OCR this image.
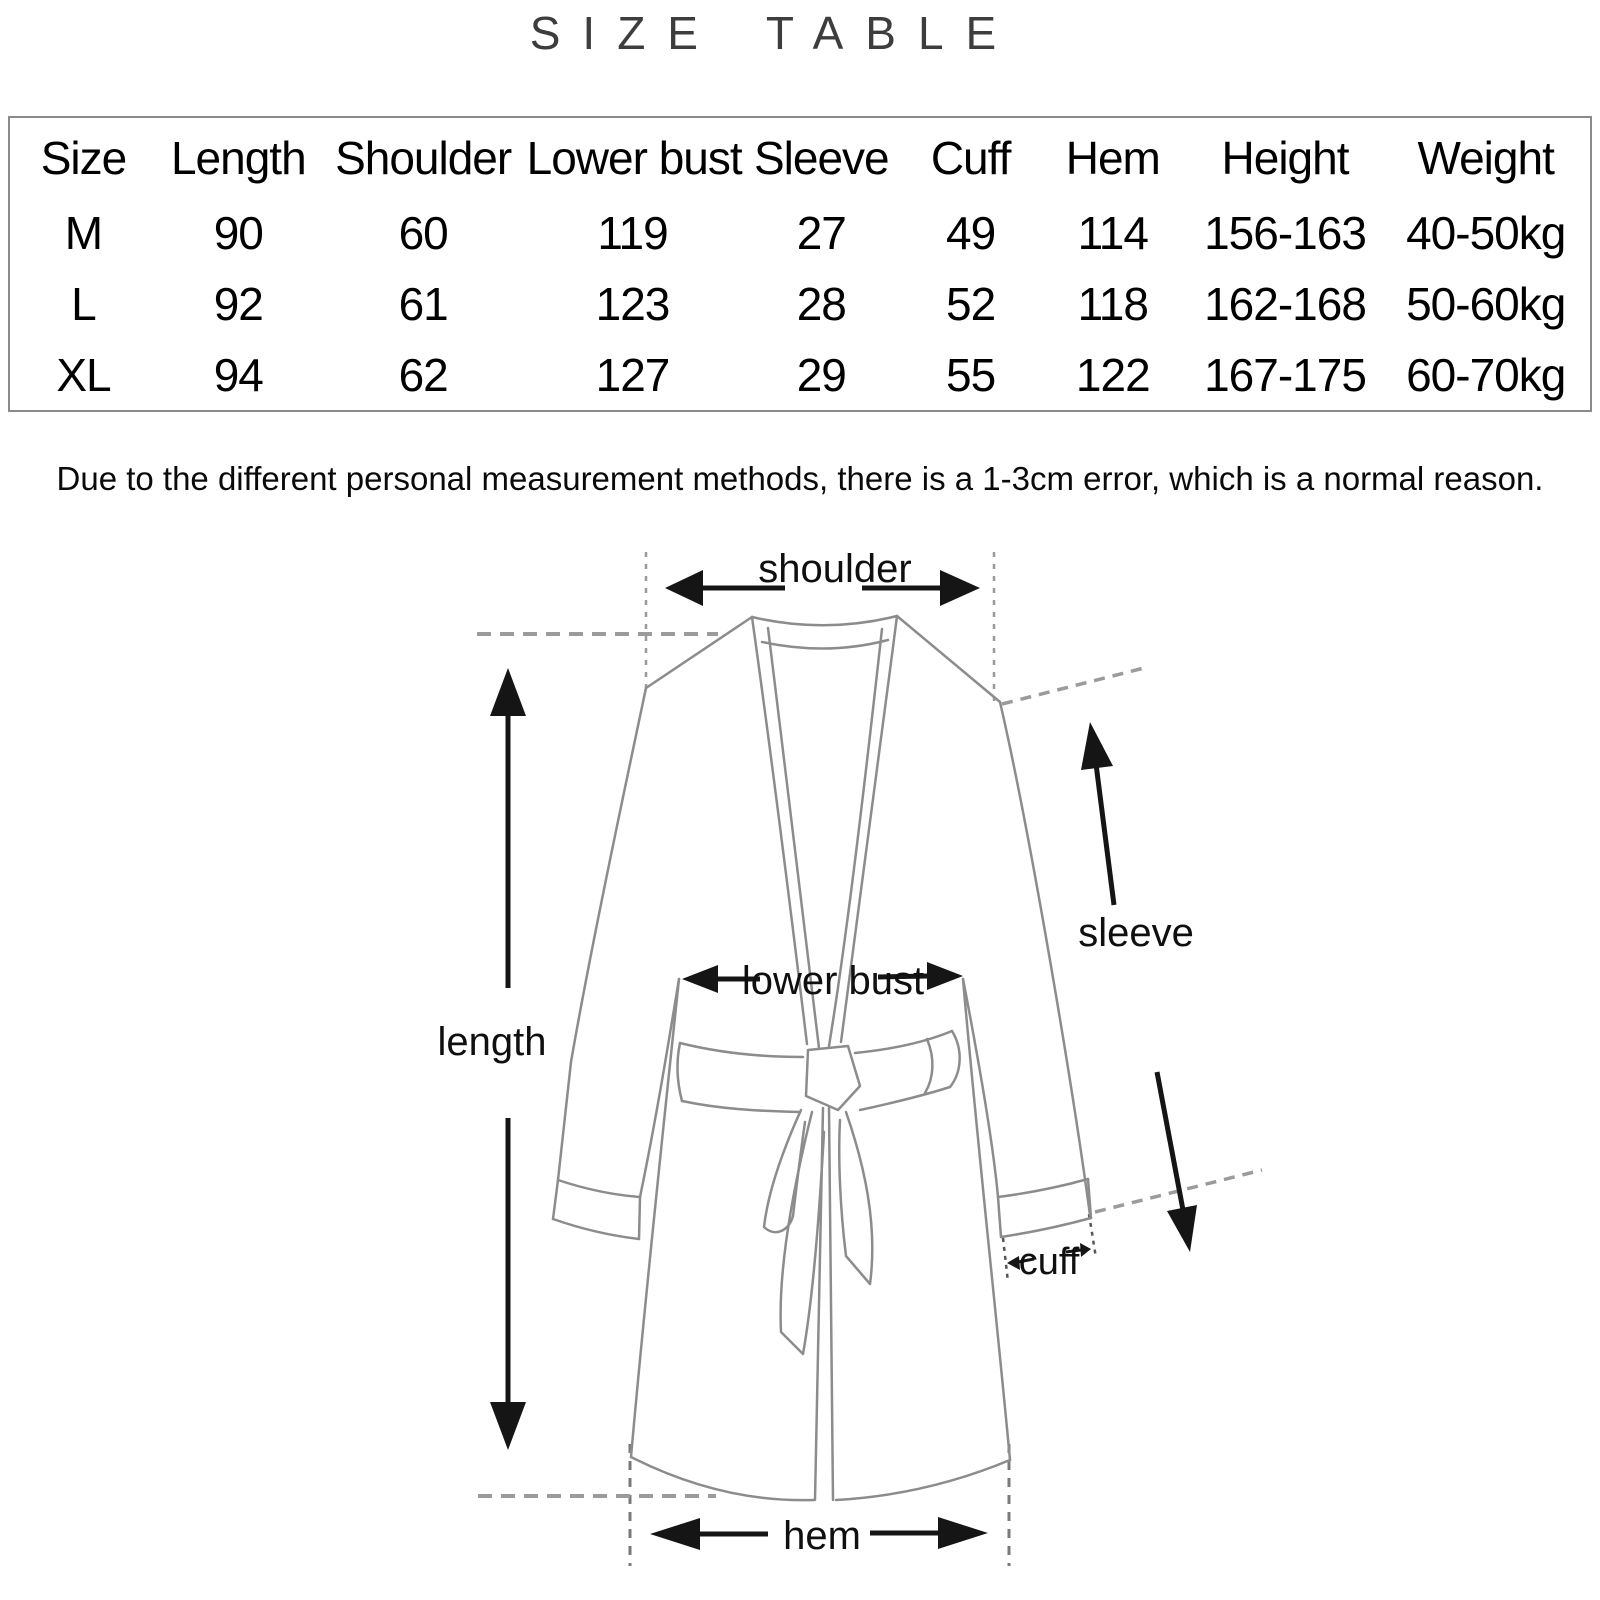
SIZE TABLE
Size	Length	Shoulder	Lower bust	Sleeve	Cuff	Hem	Height	Weight
M	90	60	119	27	49	114	156-163	40-50kg
L	92	61	123	28	52	118	162-168	50-60kg
XL	94	62	127	29	55	122	167-175	60-70kg
Due to the different personal measurement methods, there is a 1-3cm error, which is a normal reason.
shoulder
sleeve
length
lower bust
cuff
hem
